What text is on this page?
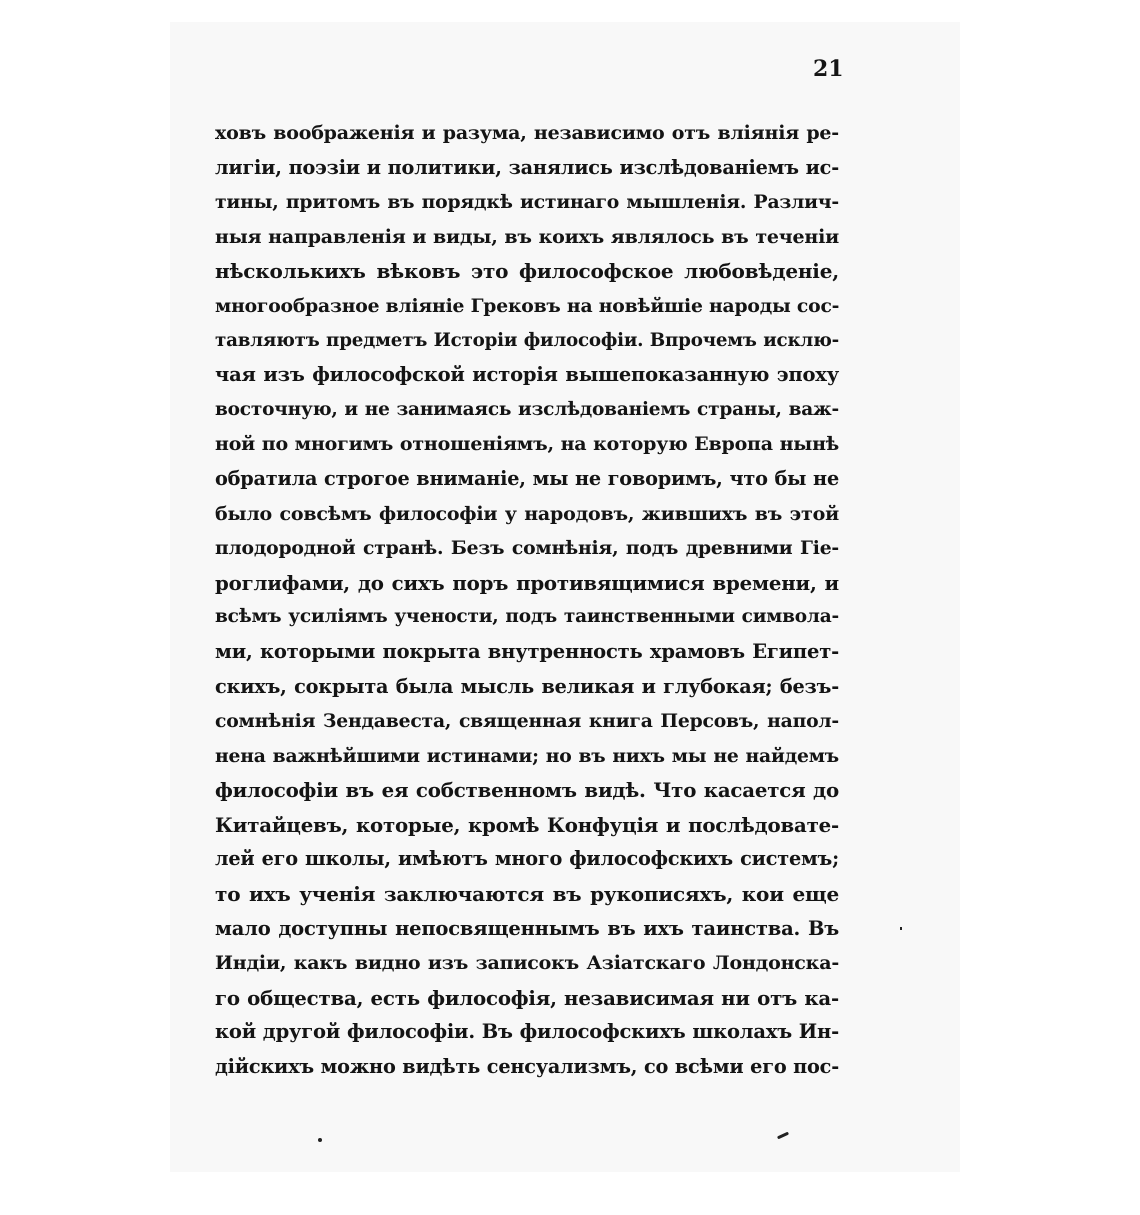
21
ховъ воображенія и разума, независимо отъ вліянія ре-
лигіи, поэзіи и политики, занялись изслѣдованіемъ ис-
тины, притомъ въ порядкѣ истинаго мышленія. Различ-
ныя направленія и виды, въ коихъ являлось въ теченіи
нѣсколькихъ вѣковъ это философское любовѣденіе,
многообразное вліяніе Грековъ на новѣйшіе народы сос-
тавляютъ предметъ Исторіи философіи. Впрочемъ исклю-
чая изъ философской исторія вышепоказанную эпоху
восточную, и не занимаясь изслѣдованіемъ страны, важ-
ной по многимъ отношеніямъ, на которую Европа нынѣ
обратила строгое вниманіе, мы не говоримъ, что бы не
было совсѣмъ философіи у народовъ, жившихъ въ этой
плодородной странѣ. Безъ сомнѣнія, подъ древними Гіе-
роглифами, до сихъ поръ противящимися времени, и
всѣмъ усиліямъ учености, подъ таинственными символа-
ми, которыми покрыта внутренность храмовъ Египет-
скихъ, сокрыта была мысль великая и глубокая; безъ-
сомнѣнія Зендавеста, священная книга Персовъ, напол-
нена важнѣйшими истинами; но въ нихъ мы не найдемъ
философіи въ ея собственномъ видѣ. Что касается до
Китайцевъ, которые, кромѣ Конфуція и послѣдовате-
лей его школы, имѣютъ много философскихъ системъ;
то ихъ ученія заключаются въ рукописяхъ, кои еще
мало доступны непосвященнымъ въ ихъ таинства. Въ
Индіи, какъ видно изъ записокъ Азіатскаго Лондонска-
го общества, есть философія, независимая ни отъ ка-
кой другой философіи. Въ философскихъ школахъ Ин-
дійскихъ можно видѣть сенсуализмъ, со всѣми его пос-
